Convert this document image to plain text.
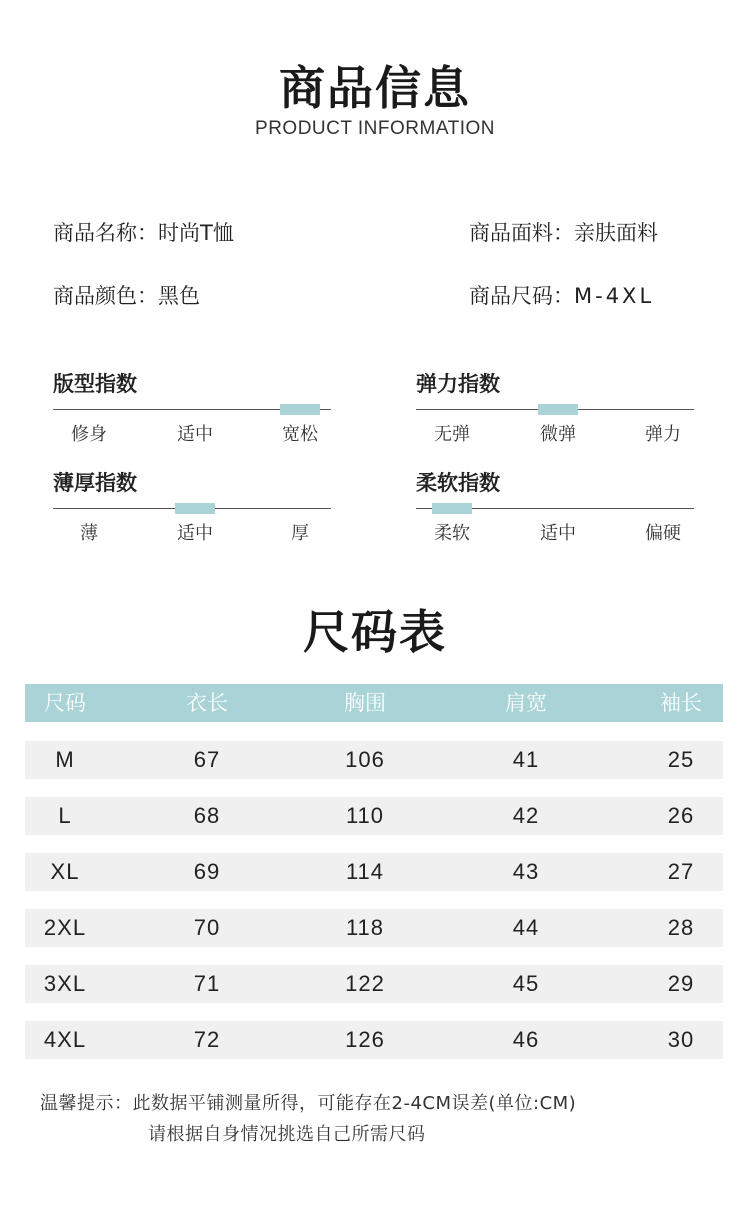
商品信息
PRODUCT INFORMATION
商品名称：时尚T恤	商品面料：亲肤面料
商品颜色：黑色	商品尺码：M-4XL
版型指数
修身	适中	宽松
弹力指数
无弹	微弹	弹力
薄厚指数
薄	适中	厚
柔软指数
柔软	适中	偏硬
尺码表
尺码	衣长	胸围	肩宽	袖长
M	67	106	41	25
L	68	110	42	26
XL	69	114	43	27
2XL	70	118	44	28
3XL	71	122	45	29
4XL	72	126	46	30
温馨提示：此数据平铺测量所得，可能存在2-4CM误差(单位:CM)
请根据自身情况挑选自己所需尺码
